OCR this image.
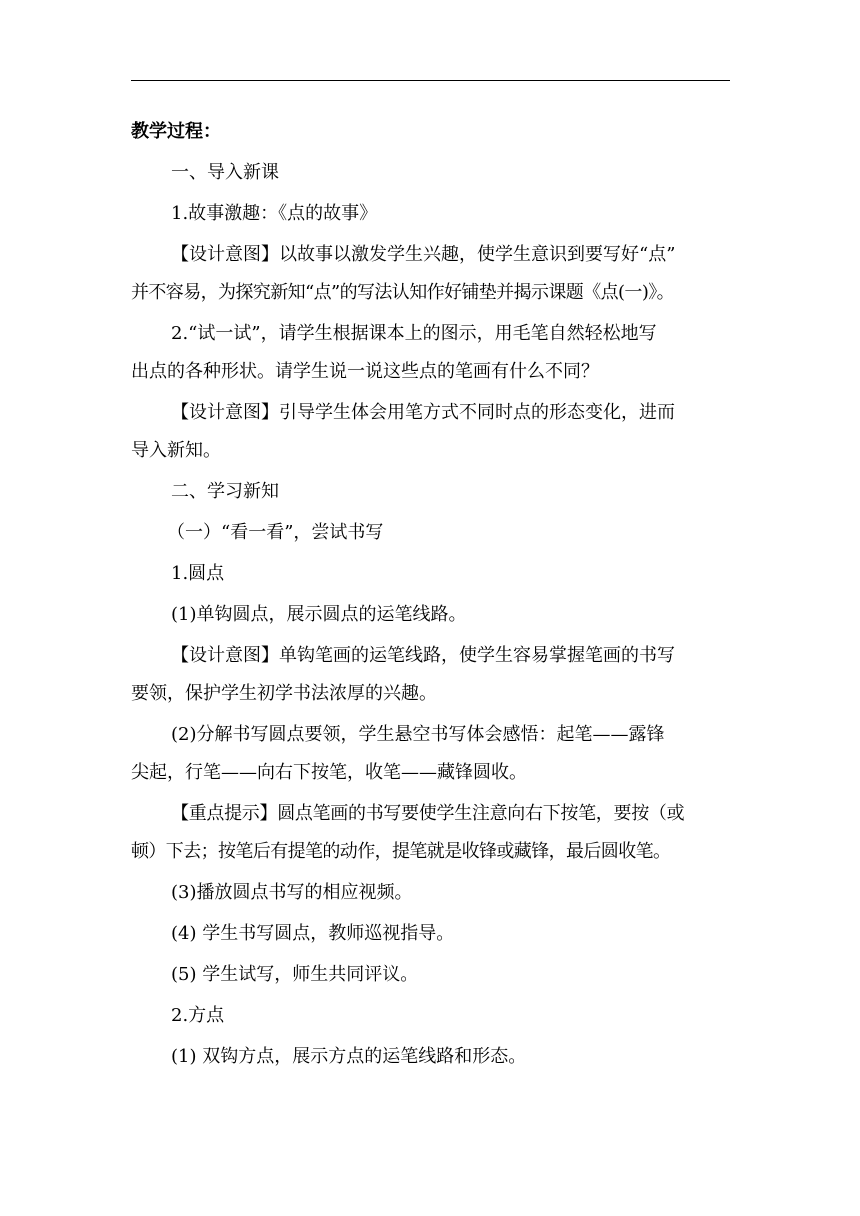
教学过程：

一、导入新课

1.故事激趣：《点的故事》

【设计意图】以故事以激发学生兴趣，使学生意识到要写好“点”

并不容易，为探究新知“点”的写法认知作好铺垫并揭示课题《点(一)》。

2.“试一试”，请学生根据课本上的图示，用毛笔自然轻松地写

出点的各种形状。请学生说一说这些点的笔画有什么不同？

【设计意图】引导学生体会用笔方式不同时点的形态变化，进而

导入新知。

二、学习新知

（一）“看一看”，尝试书写

1.圆点

(1)单钩圆点，展示圆点的运笔线路。

【设计意图】单钩笔画的运笔线路，使学生容易掌握笔画的书写

要领，保护学生初学书法浓厚的兴趣。

(2)分解书写圆点要领，学生悬空书写体会感悟：起笔——露锋

尖起，行笔——向右下按笔，收笔——藏锋圆收。

【重点提示】圆点笔画的书写要使学生注意向右下按笔，要按（或

顿）下去；按笔后有提笔的动作，提笔就是收锋或藏锋，最后圆收笔。

(3)播放圆点书写的相应视频。

(4) 学生书写圆点，教师巡视指导。

(5) 学生试写，师生共同评议。

2.方点

(1) 双钩方点，展示方点的运笔线路和形态。
